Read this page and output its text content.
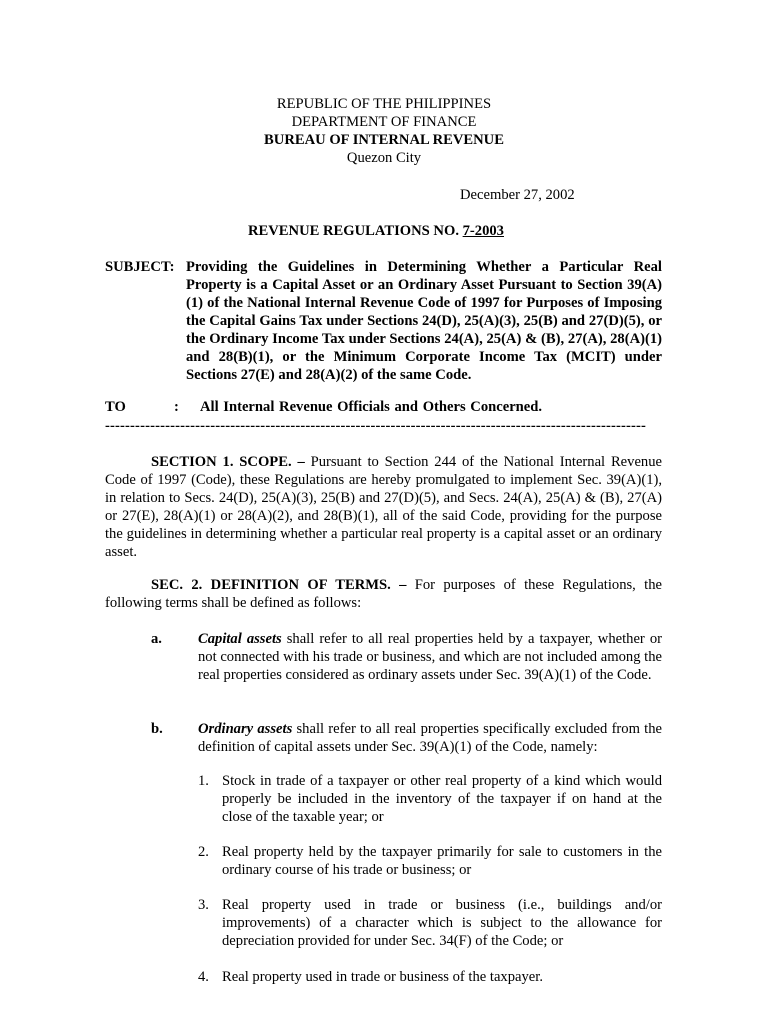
REPUBLIC OF THE PHILIPPINES
DEPARTMENT OF FINANCE
BUREAU OF INTERNAL REVENUE
Quezon City
December 27, 2002
REVENUE REGULATIONS NO. 7-2003
SUBJECT: Providing the Guidelines in Determining Whether a Particular Real Property is a Capital Asset or an Ordinary Asset Pursuant to Section 39(A)(1) of the National Internal Revenue Code of 1997 for Purposes of Imposing the Capital Gains Tax under Sections 24(D), 25(A)(3), 25(B) and 27(D)(5), or the Ordinary Income Tax under Sections 24(A), 25(A) & (B), 27(A), 28(A)(1) and 28(B)(1), or the Minimum Corporate Income Tax (MCIT) under Sections 27(E) and 28(A)(2) of the same Code.
TO	: All Internal Revenue Officials and Others Concerned.
------------------------------------------------------------------------------------------------------------
SECTION 1. SCOPE. – Pursuant to Section 244 of the National Internal Revenue Code of 1997 (Code), these Regulations are hereby promulgated to implement Sec. 39(A)(1), in relation to Secs. 24(D), 25(A)(3), 25(B) and 27(D)(5), and Secs. 24(A), 25(A) & (B), 27(A) or 27(E), 28(A)(1) or 28(A)(2), and 28(B)(1), all of the said Code, providing for the purpose the guidelines in determining whether a particular real property is a capital asset or an ordinary asset.
SEC. 2. DEFINITION OF TERMS. – For purposes of these Regulations, the following terms shall be defined as follows:
a. Capital assets shall refer to all real properties held by a taxpayer, whether or not connected with his trade or business, and which are not included among the real properties considered as ordinary assets under Sec. 39(A)(1) of the Code.
b. Ordinary assets shall refer to all real properties specifically excluded from the definition of capital assets under Sec. 39(A)(1) of the Code, namely:
1. Stock in trade of a taxpayer or other real property of a kind which would properly be included in the inventory of the taxpayer if on hand at the close of the taxable year; or
2. Real property held by the taxpayer primarily for sale to customers in the ordinary course of his trade or business; or
3. Real property used in trade or business (i.e., buildings and/or improvements) of a character which is subject to the allowance for depreciation provided for under Sec. 34(F) of the Code; or
4. Real property used in trade or business of the taxpayer.
